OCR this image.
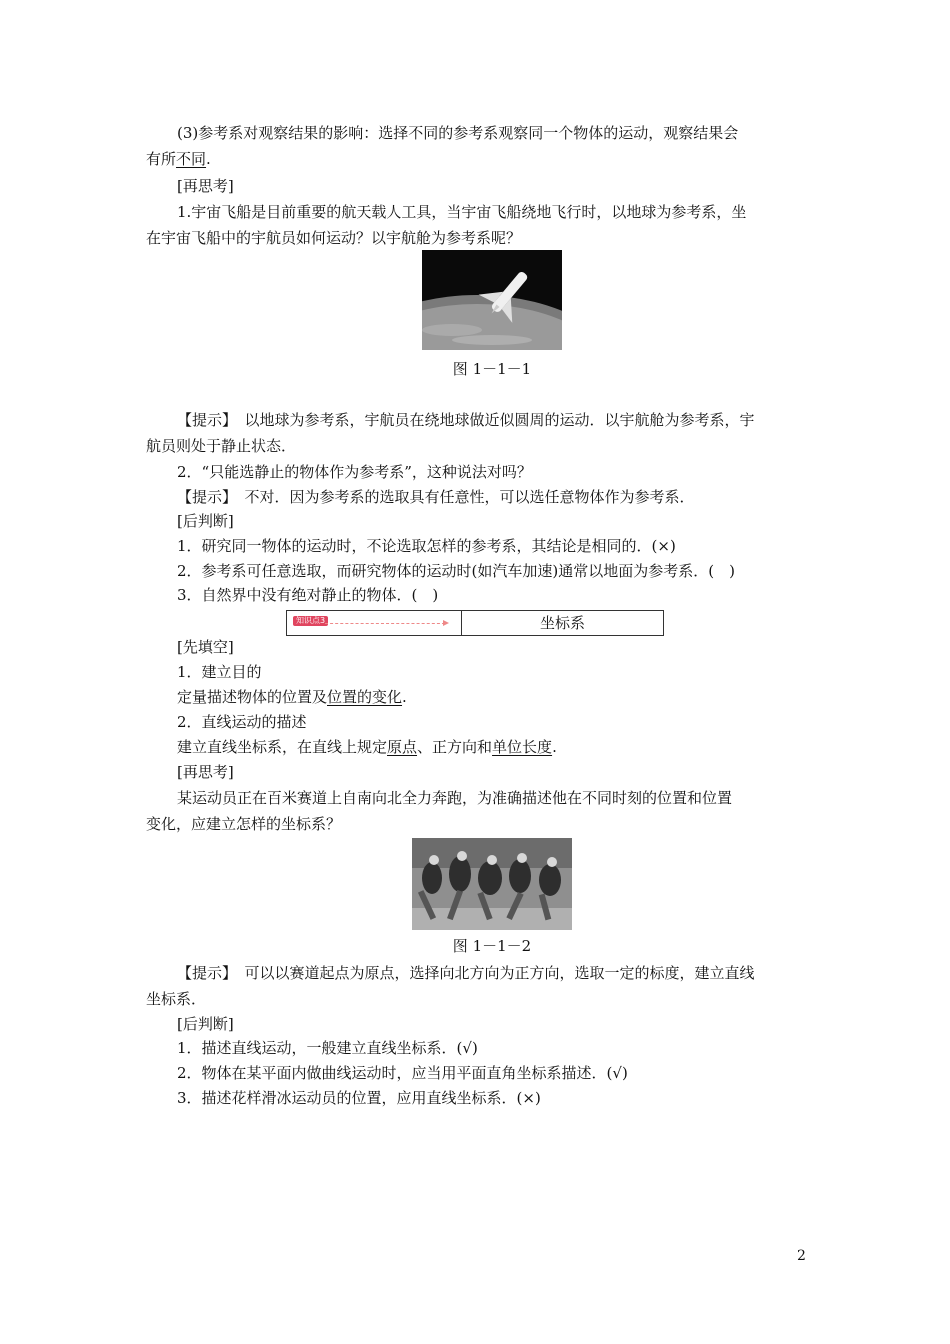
(3)参考系对观察结果的影响：选择不同的参考系观察同一个物体的运动，观察结果会
有所不同.
[再思考]
1.宇宙飞船是目前重要的航天载人工具，当宇宙飞船绕地飞行时，以地球为参考系，坐
在宇宙飞船中的宇航员如何运动？以宇航舱为参考系呢？
图 1－1－1
【提示】　以地球为参考系，宇航员在绕地球做近似圆周的运动．以宇航舱为参考系，宇
航员则处于静止状态．
2．“只能选静止的物体作为参考系”，这种说法对吗？
【提示】　不对．因为参考系的选取具有任意性，可以选任意物体作为参考系．
[后判断]
1．研究同一物体的运动时，不论选取怎样的参考系，其结论是相同的．(×)
2．参考系可任意选取，而研究物体的运动时(如汽车加速)通常以地面为参考系．(　)
3．自然界中没有绝对静止的物体．(　)
知识点3	坐标系
[先填空]
1．建立目的
定量描述物体的位置及位置的变化.
2．直线运动的描述
建立直线坐标系，在直线上规定原点、正方向和单位长度.
[再思考]
某运动员正在百米赛道上自南向北全力奔跑，为准确描述他在不同时刻的位置和位置
变化，应建立怎样的坐标系？
图 1－1－2
【提示】　可以以赛道起点为原点，选择向北方向为正方向，选取一定的标度，建立直线
坐标系．
[后判断]
1．描述直线运动，一般建立直线坐标系．(√)
2．物体在某平面内做曲线运动时，应当用平面直角坐标系描述．(√)
3．描述花样滑冰运动员的位置，应用直线坐标系．(×)
2
